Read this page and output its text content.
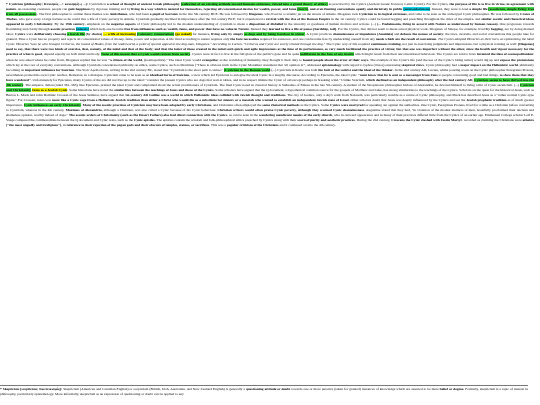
* Cynicism (philosophy; Κυνισμός --> κυνισμ(ό)-ς ...): Cynicism is a school of thought of ancient Greek philosophy (collection of an existing attitude toward humans existence, viewed into a grand theory of ethics) as practiced by the Cynics (Ancient Greek: Κυνικοί, Latin: Cynici). For the Cynics, the purpose of life is to live in virtue, in agreement with nature. As reasoning creatures, people can gain happiness by rigorous training and by living in a way which is natural for themselves, rejecting all conventional desires for wealth, power, and fame (merit), and even flouting conventions openly and derisively in public (anticonformism). Instead, they were to lead a simple life (asceticism, simple living: free from all possessions). The first philosopher to outline these themes was Antisthenes, who had been a pupil of Socrates in the late 5th century BCE. He was followed by Diogenes, who lived in a ceramic jar on the streets of Athens. Diogenes took Cynicism to its logical extremes, and came to be seen as the archetypal Cynic philosopher. He was followed by Crates of Thebes, who gave away a large fortune so he could live a life of Cynic poverty in Athens. Cynicism gradually declined in importance after the 3rd century BCE, but it experienced a revival with the rise of the Roman Empire in the 1st century. Cynics could be found begging and preaching throughout the cities of the empire, and similar ascetic and rhetorical ideas appeared in early Christianity. By the 19th century, emphasis on the negative aspects of Cynic philosophy led to the modern understanding of cynicism to mean a disposition of disbelief in the sincerity or goodness of human motives and actions. (...) (... Eudaimonia, living in accord with Nature as understood by human reason). One progresses towards flourishing and clarity through ascetic practices (áskesis) which help one become free from influences such as wealth, fame, and power that have no value in Nature. Instead they learned to live a life of ponos [hardship, toil]. For the Cynics, that did not seem to mean actual physical work. Diogenes of Sinope, for example, lived by begging, not by doing manual labor. Cynics were deliberately choosing a harsh life (by choice) — a life of increasing (voluntary renunciation) (go naked) for instance, living only by simply as dogs and by being barefoot in winter. A Cynic practices shamelessness or impudence (Anaideia) and defaces the nomos of society: the laws, customs, and social conventions that people take for granted. Thus a Cynic has no property and rejects all conventional values of money, fame, power and reputation. A life lived according to nature requires only the bare necessities required for existence, and one can become free by unshackling oneself from any needs which are the result of convention. The Cynics adopted Heracles as their hero, as epitomizing the ideal Cynic. Heracles "was he who brought Cerberus, the hound of Hades, from the underworld, a point of special appeal to the dog-man, Diogenes." According to Lucian, "Cerberus and Cynic are surely related through the dog." The Cynic way of life required continuous training, not just in exercising judgments and impressions, but a physical training as well: [Diogenes] used to say, that there were two kinds of exercise, that, namely, of the mind and that of the body; and that the latter of these created in the mind such quick and agile impressions at the time of its performance, as very much facilitated the practice of virtue; but that one was imperfect without the other, since the health and vigour necessary for the practice of what is good, depend equally on both mind and body. None of this meant that a Cynic would retreat from society. Cynics were in fact to live in the full glare of the public's gaze and be quite indifferent in the face of any insults which might result from their unconventional behaviour. The Cynics are said to have invented the idea of cosmopolitanism: when he was asked where he came from, Diogenes replied that he was "a citizen of the world, (kosmopolitês)." The ideal Cynic would evangelise; as the watchdog of humanity, they thought it their duty to hound people about the error of their ways. The example of the Cynic's life (and the use of the Cynic's biting satire) would dig up and expose the pretensions which lay at the root of everyday conventions. Although Cynicism concentrated primarily on ethics, some Cynics, such as Monimus ("There is obvious truth in the Cynic Monimus' statement that 'all opinion is'", addressed epistemology with regard to typhos (τῦφος) expressing skeptical views. Cynic philosophy had a major impact on the Hellenistic world, ultimately becoming an important influence for Stoicism. The Stoic Apollodorus, writing in the 2nd century BC, stated that "Cynicism is the short path to virtue." (Cynicism in the Roman world (...) Cynicism in Rome was both the butt of the satirist and the ideal of the thinker. In the 2nd century AD, Lucian, whilst pouring scorn on the Cynic philosopher Peregrinus Proteus, nevertheless praised his own Cynic teacher, Demonax, in a dialogue. Cynicism came to be seen as an idealised form of Stoicism, a view which led Epictetus to eulogise the ideal Cynic in a lengthy discourse. According to Epictetus, the ideal Cynic "must know that he is sent as a messenger from Zeus to people concerning good and bad things, to show them that they have wandered". Unfortunately for Epictetus, many Cynics of the era did not live up to the ideal: "consider the present Cynics who are dogs that wait at tables, and in no respect imitate the Cynic of old except perhaps in breaking wind." Unlike Stoicism, which declined as an independent philosophy after the 2nd century AD Cynicism seems to have thrived into the 4th century. The emperor, Julian (ruled 361–363), like Epictetus, praised the ideal Cynic and complained about the actual practitioners of Cynicism. The final Cynic noted in classical history is Sallustius of Emesa in the late 5th century. A student of the Neoplatonic philosopher Isidore of Alexandria, he devoted himself to living a life of Cynic asceticism. (...) Cynicism and Christianity Jesus as a Jewish Cynic. Some historians have noted the similarities between the teachings of Jesus and those of the Cynics. Some scholars have argued that the Q document, a hypothetical common source for the gospels of Matthew and Luke, has strong similarities to the teachings of the Cynics. Scholars on the quest for the historical Jesus, such as Burton L. Mack and John Dominic Crossan of the Jesus Seminar, have argued that 1st-century AD Galilee was a world in which Hellenistic ideas collided with Jewish thought and traditions. The city of Gadara, only a day's walk from Nazareth, was particularly notable as a centre of Cynic philosophy, and Mack has described Jesus as a "rather normal Cynic-type figure." For Crossan, Jesus was more like a Cynic sage from a Hellenistic Jewish tradition than either a Christ who would die as a substitute for sinners or a messiah who wanted to establish an independent Jewish state of Israel. Other scholars doubt that Jesus was deeply influenced by the Cynics and see the Jewish prophetic tradition as of much greater importance. Cynic influences on early Christianity. Many of the ascetic practices of Cynicism may have been adopted by early Christians, and Christians often employed the same rhetorical methods as the Cynics. Some Cynics were martyred for speaking out against the authorities. One Cynic, Peregrinus Proteus, lived for a time as a Christian before converting to Cynicism, whereas in the 4th century, Maximus of Alexandria, although a Christian, was also called a Cynic because of his Cynic behaviour. Christian writers would often praise Cynic poverty, although they scorned Cynic shamelessness. Augustine stated that they had, "in violation of the modest instincts of men, boastfully proclaimed their unclean and shameless opinion, worthy indeed of dogs." The ascetic orders of Christianity (such as the Desert Fathers) also had direct connection with the Cynics, as can be seen in the wandering mendicant monks of the early church, who in outward appearance and in many of their practices differed little from the Cynics of an earlier age. Emmanuel College scholar Leif E. Vaage compared the commonalities between the Q document and Cynic texts, such as the Cynic epistles. The epistles contain the wisdom and folk-philosophical ethics preached by Cynics along with their scorn of purity and aesthetic practices. During the 2nd century, Crescens the Cynic clashed with Justin Martyr, recorded as claiming the Christians were atheists ("the most ungodly and irreligious"), in reference to their rejection of the pagan gods and their obscure of temples, statues, or sacrifices. This was a popular criticism of the Christians and it continued on into the 4th century.

* Skepticism [scepticism; Σκεπτικισμός]: Skepticism (American and Canadian English) or scepticism (British, Irish, Australian, and New Zealand English) is generally a questioning attitude or doubt towards one or more putative (taken for granted) instances of knowledge which are asserted to be mere belief or dogma. Formally, skepticism is a topic of interest in philosophy, particularly epistemology. More informally, skepticism as an expression of questioning or doubt can be applied to any
